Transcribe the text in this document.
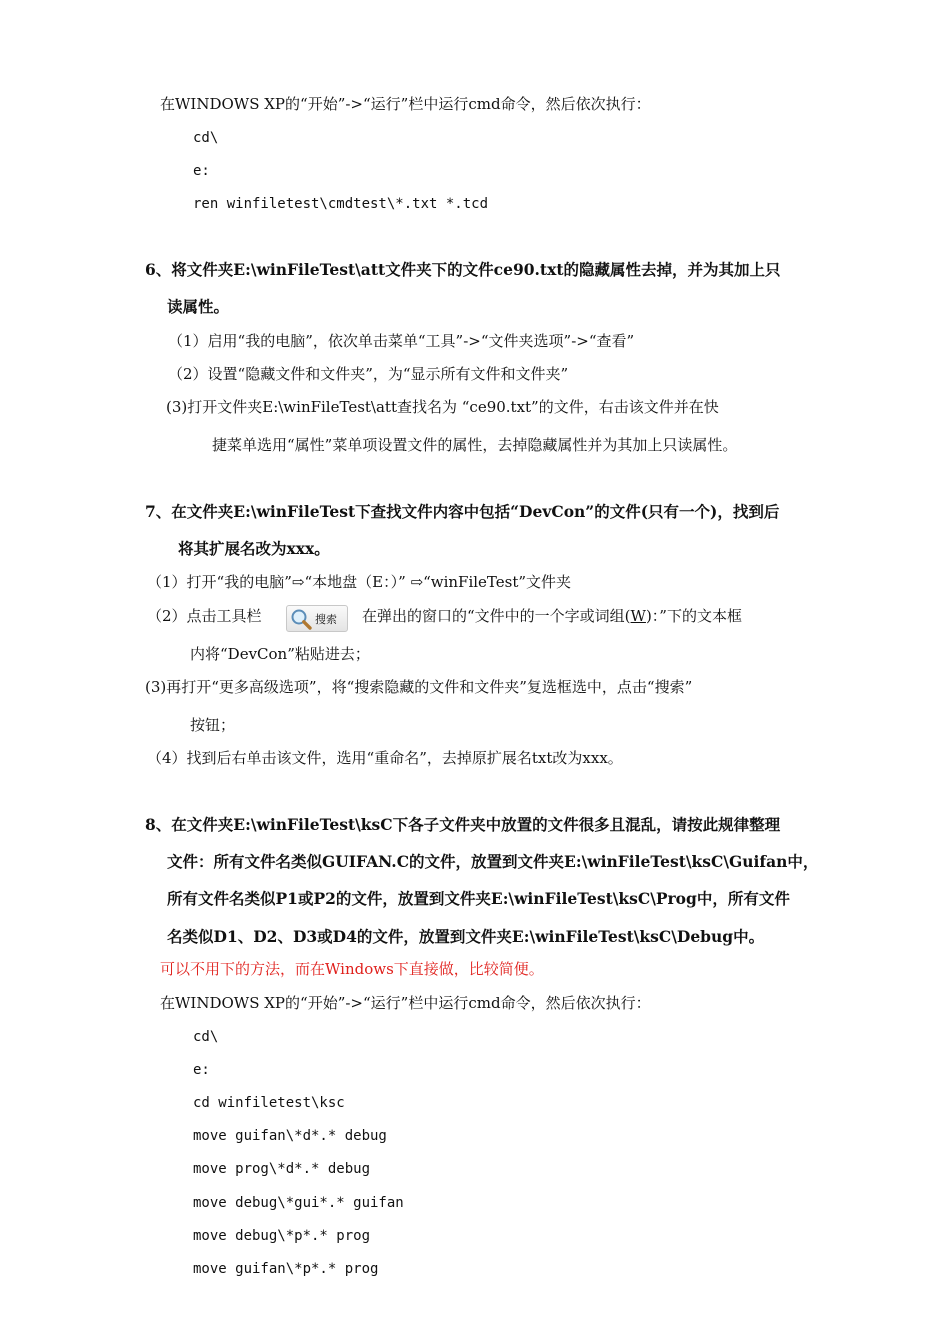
在WINDOWS XP的“开始”->“运行”栏中运行cmd命令，然后依次执行：
cd\
e:
ren winfiletest\cmdtest\*.txt *.tcd
6、将文件夹E:\winFileTest\att文件夹下的文件ce90.txt的隐藏属性去掉，并为其加上只
读属性。
（1）启用“我的电脑”，依次单击菜单“工具”->“文件夹选项”->“查看”
（2）设置“隐藏文件和文件夹”，为“显示所有文件和文件夹”
(3)打开文件夹E:\winFileTest\att查找名为 “ce90.txt”的文件，右击该文件并在快
捷菜单选用“属性”菜单项设置文件的属性，去掉隐藏属性并为其加上只读属性。
7、在文件夹E:\winFileTest下查找文件内容中包括“DevCon”的文件(只有一个)，找到后
将其扩展名改为xxx。
（1）打开“我的电脑”⇨“本地盘（E：）” ⇨“winFileTest”文件夹
（2）点击工具栏	搜索 在弹出的窗口的“文件中的一个字或词组(W)：”下的文本框
内将“DevCon”粘贴进去；
(3)再打开“更多高级选项”，将“搜索隐藏的文件和文件夹”复选框选中，点击“搜索”
按钮；
（4）找到后右单击该文件，选用“重命名”，去掉原扩展名txt改为xxx。
8、在文件夹E:\winFileTest\ksC下各子文件夹中放置的文件很多且混乱，请按此规律整理
文件：所有文件名类似GUIFAN.C的文件，放置到文件夹E:\winFileTest\ksC\Guifan中，
所有文件名类似P1或P2的文件，放置到文件夹E:\winFileTest\ksC\Prog中，所有文件
名类似D1、D2、D3或D4的文件，放置到文件夹E:\winFileTest\ksC\Debug中。
可以不用下的方法，而在Windows下直接做，比较简便。
在WINDOWS XP的“开始”->“运行”栏中运行cmd命令，然后依次执行：
cd\
e:
cd winfiletest\ksc
move guifan\*d*.* debug
move prog\*d*.* debug
move debug\*gui*.* guifan
move debug\*p*.* prog
move guifan\*p*.* prog
